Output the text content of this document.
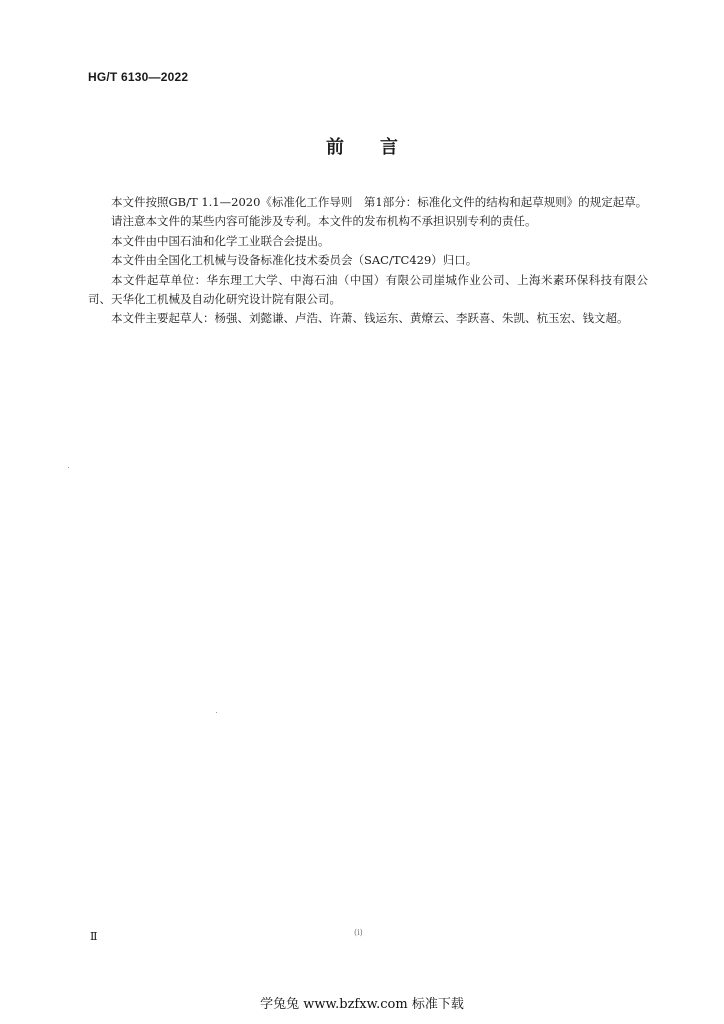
HG/T 6130—2022
前 言

本文件按照GB/T 1.1—2020《标准化工作导则　第1部分：标准化文件的结构和起草规则》的规定起草。

请注意本文件的某些内容可能涉及专利。本文件的发布机构不承担识别专利的责任。

本文件由中国石油和化学工业联合会提出。

本文件由全国化工机械与设备标准化技术委员会（SAC/TC429）归口。

本文件起草单位：华东理工大学、中海石油（中国）有限公司崖城作业公司、上海米素环保科技有限公司、天华化工机械及自动化研究设计院有限公司。

本文件主要起草人：杨强、刘懿谦、卢浩、许萧、钱运东、黄燎云、李跃喜、朱凯、杭玉宏、钱文超。

Ⅱ	(i)
学兔兔 www.bzfxw.com 标准下载
